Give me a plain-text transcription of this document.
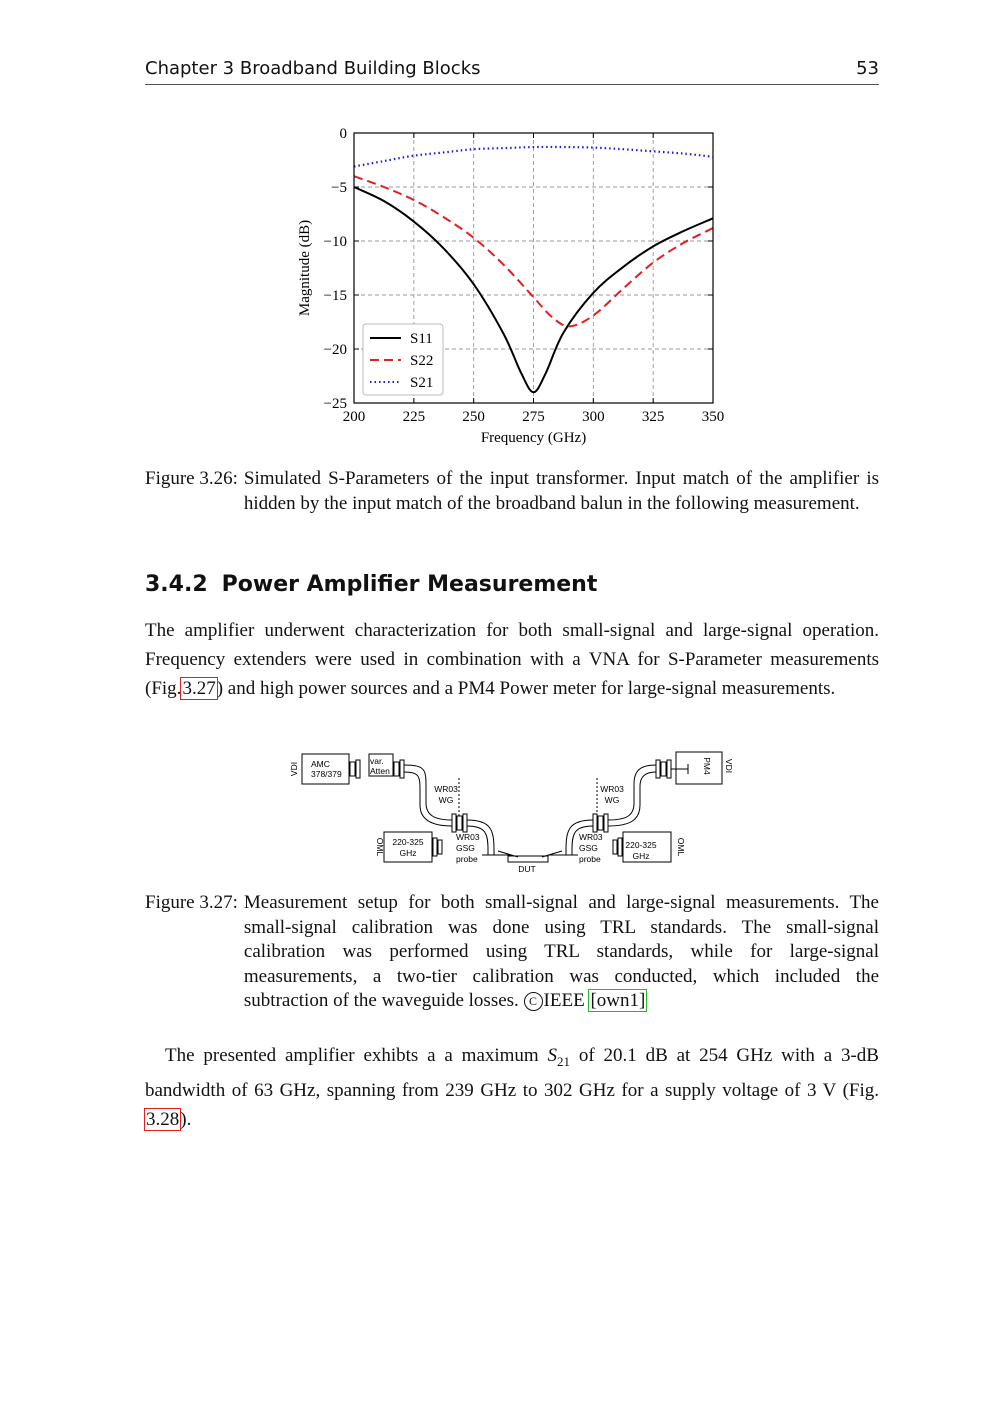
Chapter 3 Broadband Building Blocks	53
200 225 250 275 300 325 350
0
−5
−10
−15
−20
−25
Frequency (GHz)
Magnitude (dB)
S11
S22
S21
Figure 3.26: Simulated S-Parameters of the input transformer. Input match of the amplifier is hidden by the input match of the broadband balun in the following measurement.
3.4.2 Power Amplifier Measurement

The amplifier underwent characterization for both small-signal and large-signal operation. Frequency extenders were used in combination with a VNA for S-Parameter measurements (Fig.3.27) and high power sources and a PM4 Power meter for large-signal measurements.

VDI AMC
378/379
var.
Atten
WR03
WG
WR03
WG
OML 220-325
GHz
WR03
GSG
probe
DUT
WR03
GSG
probe
220-325
GHz	OML
PM4 VDI
Figure 3.27: Measurement setup for both small-signal and large-signal measurements. The small-signal calibration was done using TRL standards. The small-signal calibration was performed using TRL standards, while for large-signal measurements, a two-tier calibration was conducted, which included the subtraction of the waveguide losses. C IEEE [own1]

The presented amplifier exhibts a a maximum $S_{21}$ of 20.1 dB at 254 GHz with a 3-dB bandwidth of 63 GHz, spanning from 239 GHz to 302 GHz for a supply voltage of 3 V (Fig. 3.28).
